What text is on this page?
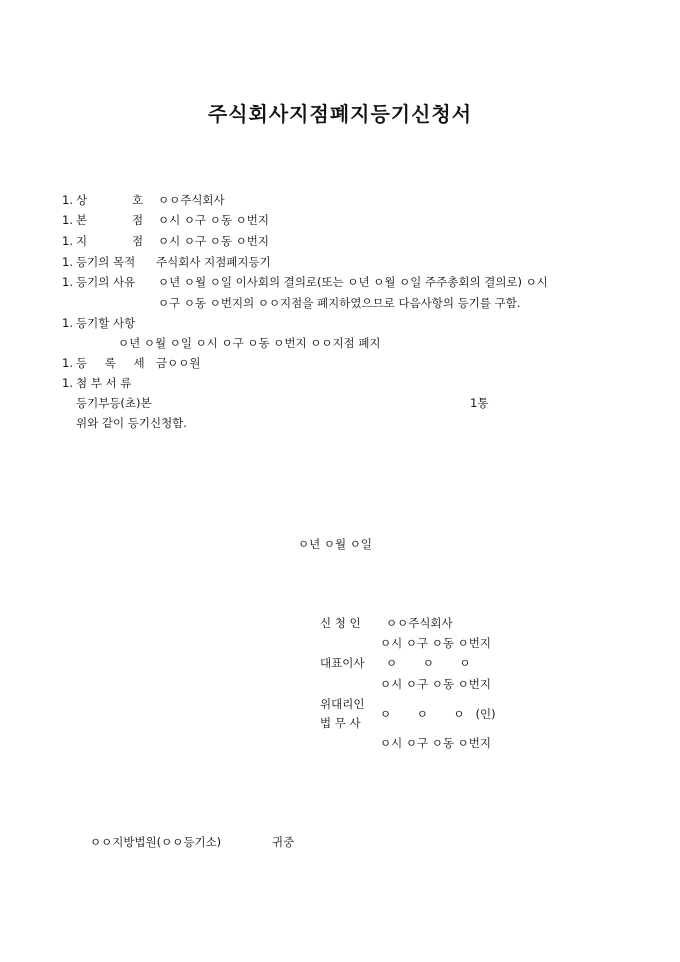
주식회사지점폐지등기신청서
1. 상	호 ㅇㅇ주식회사
1. 본	점 ㅇ시 ㅇ구 ㅇ동 ㅇ번지
1. 지	점 ㅇ시 ㅇ구 ㅇ동 ㅇ번지
1. 등기의 목적 주식회사 지점폐지등기
1. 등기의 사유 ㅇ년 ㅇ월 ㅇ일 이사회의 결의로(또는 ㅇ년 ㅇ월 ㅇ일 주주총회의 결의로) ㅇ시
ㅇ구 ㅇ동 ㅇ번지의 ㅇㅇ지점을 폐지하였으므로 다음사항의 등기를 구함.
1. 등기할 사항
ㅇ년 ㅇ월 ㅇ일 ㅇ시 ㅇ구 ㅇ동 ㅇ번지 ㅇㅇ지점 폐지
1. 등 록 세 금ㅇㅇ원
1. 첨 부 서 류
등기부등(초)본	1통
위와 같이 등기신청함.
ㅇ년 ㅇ월 ㅇ일
신 청 인 ㅇㅇ주식회사
ㅇ시 ㅇ구 ㅇ동 ㅇ번지
대표이사 ㅇ       ㅇ       ㅇ
ㅇ시 ㅇ구 ㅇ동 ㅇ번지
위대리인
법 무 사
ㅇ       ㅇ       ㅇ   (인)
ㅇ시 ㅇ구 ㅇ동 ㅇ번지
ㅇㅇ지방법원(ㅇㅇ등기소)	귀중
